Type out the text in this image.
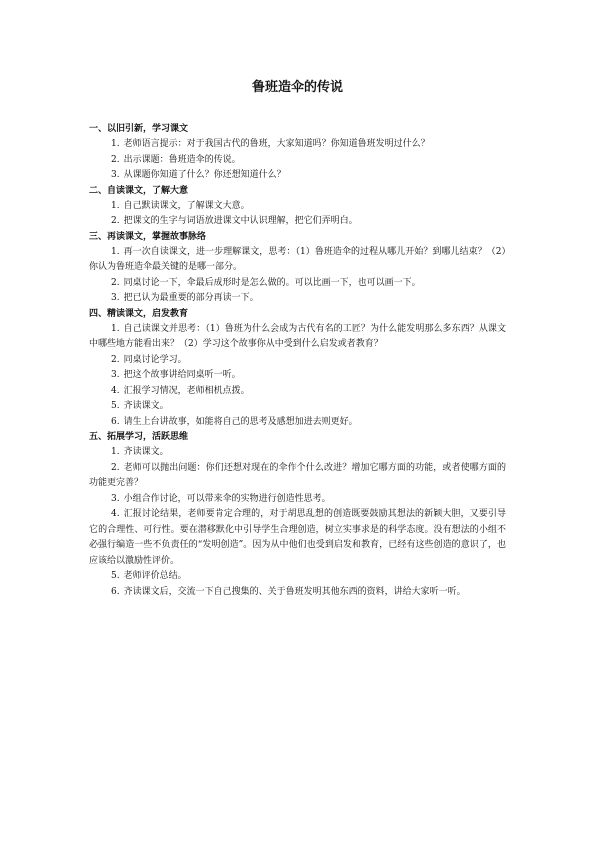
鲁班造伞的传说
一、以旧引新，学习课文

1. 老师语言提示：对于我国古代的鲁班，大家知道吗？你知道鲁班发明过什么？

2. 出示课题：鲁班造伞的传说。

3. 从课题你知道了什么？你还想知道什么？

二、自读课文，了解大意

1. 自己默读课文，了解课文大意。

2. 把课文的生字与词语放进课文中认识理解，把它们弄明白。

三、再读课文，掌握故事脉络

1. 再一次自读课文，进一步理解课文，思考：（1）鲁班造伞的过程从哪儿开始？到哪儿结束？（2）你认为鲁班造伞最关键的是哪一部分。

2. 同桌讨论一下，伞最后成形时是怎么做的。可以比画一下，也可以画一下。

3. 把已认为最重要的部分再读一下。

四、精读课文，启发教育

1. 自己读课文并思考：（1）鲁班为什么会成为古代有名的工匠？为什么能发明那么多东西？从课文中哪些地方能看出来？（2）学习这个故事你从中受到什么启发或者教育？

2. 同桌讨论学习。

3. 把这个故事讲给同桌听一听。

4. 汇报学习情况，老师相机点拨。

5. 齐读课文。

6. 请生上台讲故事，如能将自己的思考及感想加进去则更好。

五、拓展学习，活跃思维

1. 齐读课文。

2. 老师可以抛出问题：你们还想对现在的伞作个什么改进？增加它哪方面的功能，或者使哪方面的功能更完善？

3. 小组合作讨论，可以带来伞的实物进行创造性思考。

4. 汇报讨论结果，老师要肯定合理的，对于胡思乱想的创造既要鼓励其想法的新颖大胆，又要引导它的合理性、可行性。要在潜移默化中引导学生合理创造，树立实事求是的科学态度。没有想法的小组不必强行编造一些不负责任的“发明创造”。因为从中他们也受到启发和教育，已经有这些创造的意识了，也应该给以激励性评价。

5. 老师评价总结。

6. 齐读课文后，交流一下自己搜集的、关于鲁班发明其他东西的资料，讲给大家听一听。
